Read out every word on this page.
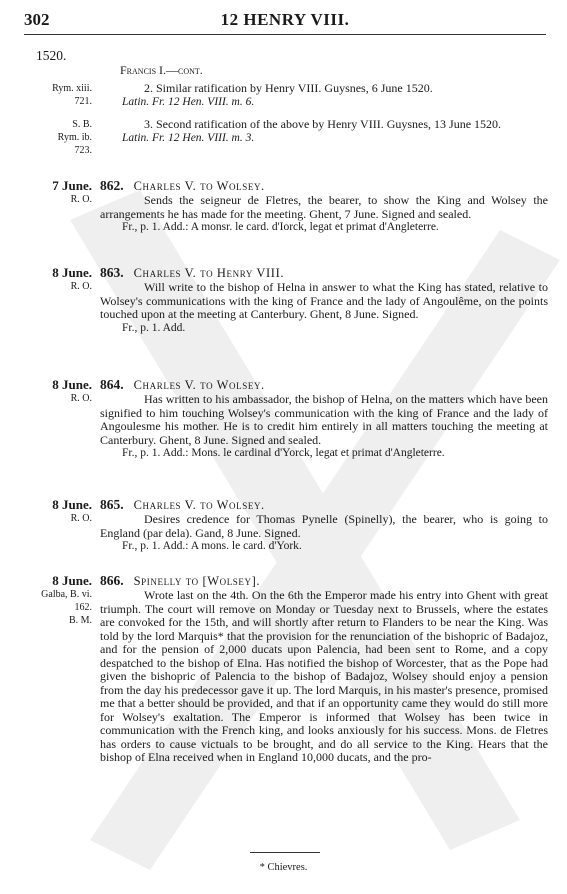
302	12 HENRY VIII.
1520.

Francis I.—cont.

Rym. xiii.
721.

2. Similar ratification by Henry VIII. Guysnes, 6 June 1520.

Latin. Fr. 12 Hen. VIII. m. 6.

S. B.
Rym. ib.
723.

3. Second ratification of the above by Henry VIII. Guysnes, 13 June 1520.

Latin. Fr. 12 Hen. VIII. m. 3.

7 June.
R. O.

862. Charles V. to Wolsey.

Sends the seigneur de Fletres, the bearer, to show the King and Wolsey the arrangements he has made for the meeting. Ghent, 7 June. Signed and sealed.

Fr., p. 1. Add.: A monsr. le card. d'Iorck, legat et primat d'Angleterre.

8 June.
R. O.

863. Charles V. to Henry VIII.

Will write to the bishop of Helna in answer to what the King has stated, relative to Wolsey's communications with the king of France and the lady of Angoulême, on the points touched upon at the meeting at Canterbury. Ghent, 8 June. Signed.

Fr., p. 1. Add.

8 June.
R. O.

864. Charles V. to Wolsey.

Has written to his ambassador, the bishop of Helna, on the matters which have been signified to him touching Wolsey's communication with the king of France and the lady of Angoulesme his mother. He is to credit him entirely in all matters touching the meeting at Canterbury. Ghent, 8 June. Signed and sealed.

Fr., p. 1. Add.: Mons. le cardinal d'Yorck, legat et primat d'Angleterre.

8 June.
R. O.

865. Charles V. to Wolsey.

Desires credence for Thomas Pynelle (Spinelly), the bearer, who is going to England (par dela). Gand, 8 June. Signed.

Fr., p. 1. Add.: A mons. le card. d'York.

8 June.
Galba, B. vi.
162.
B. M.

866. Spinelly to [Wolsey].

Wrote last on the 4th. On the 6th the Emperor made his entry into Ghent with great triumph. The court will remove on Monday or Tuesday next to Brussels, where the estates are convoked for the 15th, and will shortly after return to Flanders to be near the King. Was told by the lord Marquis* that the provision for the renunciation of the bishopric of Badajoz, and for the pension of 2,000 ducats upon Palencia, had been sent to Rome, and a copy despatched to the bishop of Elna. Has notified the bishop of Worcester, that as the Pope had given the bishopric of Palencia to the bishop of Badajoz, Wolsey should enjoy a pension from the day his predecessor gave it up. The lord Marquis, in his master's presence, promised me that a better should be provided, and that if an opportunity came they would do still more for Wolsey's exaltation. The Emperor is informed that Wolsey has been twice in communication with the French king, and looks anxiously for his success. Mons. de Fletres has orders to cause victuals to be brought, and do all service to the King. Hears that the bishop of Elna received when in England 10,000 ducats, and the pro-

* Chievres.
